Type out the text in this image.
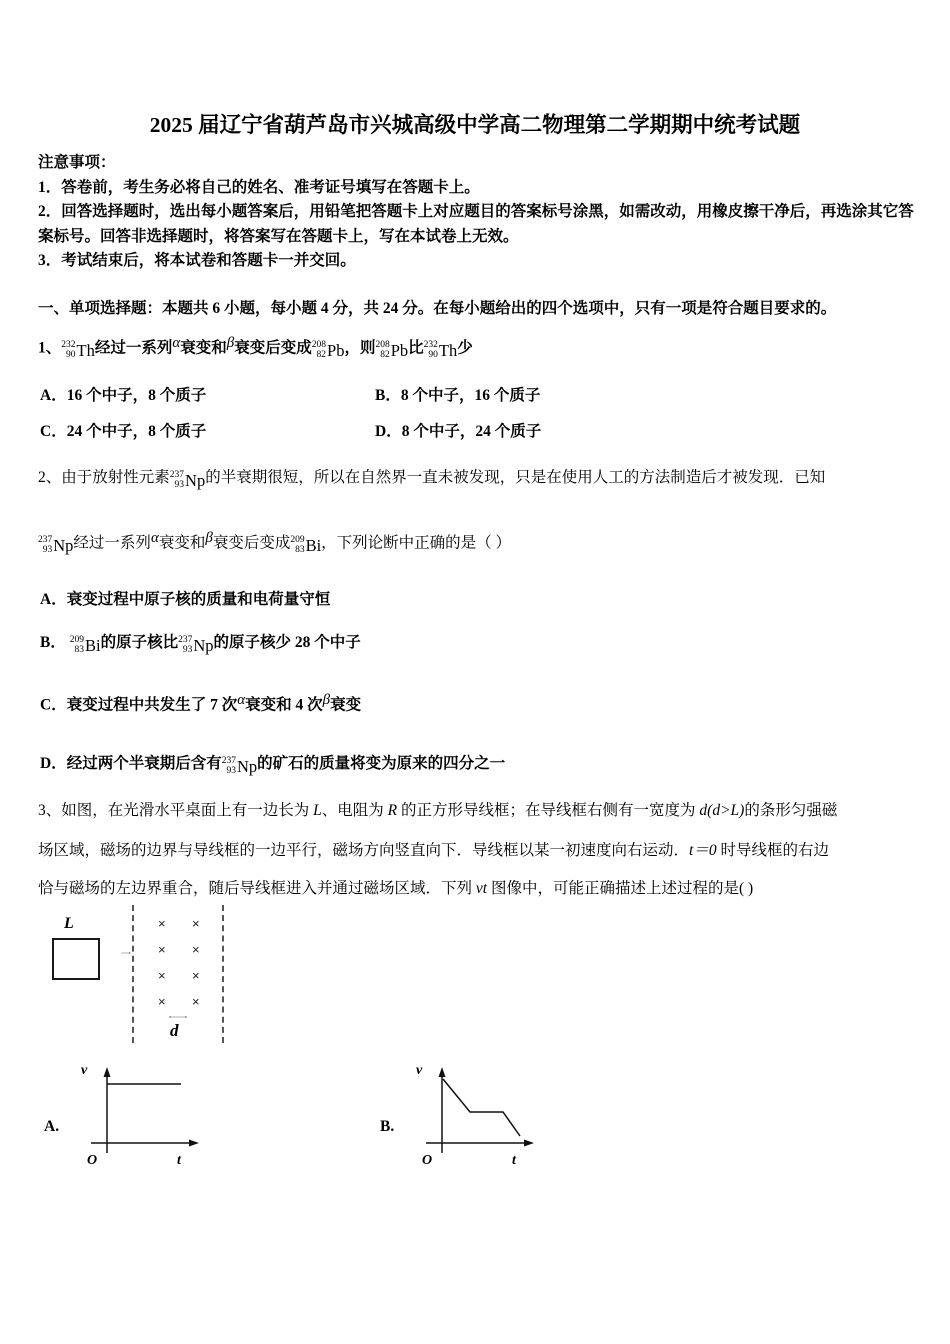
2025 届辽宁省葫芦岛市兴城高级中学高二物理第二学期期中统考试题
注意事项：
1．答卷前，考生务必将自己的姓名、准考证号填写在答题卡上。
2．回答选择题时，选出每小题答案后，用铅笔把答题卡上对应题目的答案标号涂黑，如需改动，用橡皮擦干净后，再选涂其它答案标号。回答非选择题时，将答案写在答题卡上，写在本试卷上无效。
3．考试结束后，将本试卷和答题卡一并交回。
一、单项选择题：本题共 6 小题，每小题 4 分，共 24 分。在每小题给出的四个选项中，只有一项是符合题目要求的。
1、 232
90 Th经过一系列α衰变和β衰变后变成 208
82 Pb，则 208
82 Pb比 232
90 Th少
A．16 个中子，8 个质子	B．8 个中子，16 个质子
C．24 个中子，8 个质子	D．8 个中子，24 个质子
2、由于放射性元素 237
93 Np的半衰期很短，所以在自然界一直未被发现，只是在使用人工的方法制造后才被发现．已知
237
93 Np经过一系列α衰变和β衰变后变成 209
83 Bi，下列论断中正确的是（ ）
A．衰变过程中原子核的质量和电荷量守恒
B． 209
83 Bi的原子核比 237
93 Np的原子核少 28 个中子
C．衰变过程中共发生了 7 次α衰变和 4 次β衰变
D．经过两个半衰期后含有 237
93 Np的矿石的质量将变为原来的四分之一
3、如图，在光滑水平桌面上有一边长为 L、电阻为 R 的正方形导线框；在导线框右侧有一宽度为 d(d>L)的条形匀强磁
场区域，磁场的边界与导线框的一边平行，磁场方向竖直向下．导线框以某一初速度向右运动．t＝0 时导线框的右边
恰与磁场的左边界重合，随后导线框进入并通过磁场区域．下列 vt 图像中，可能正确描述上述过程的是( )
L	× ×
× ×
× ×
× ×
d
A.
v
t
O
B.
v
t
O
